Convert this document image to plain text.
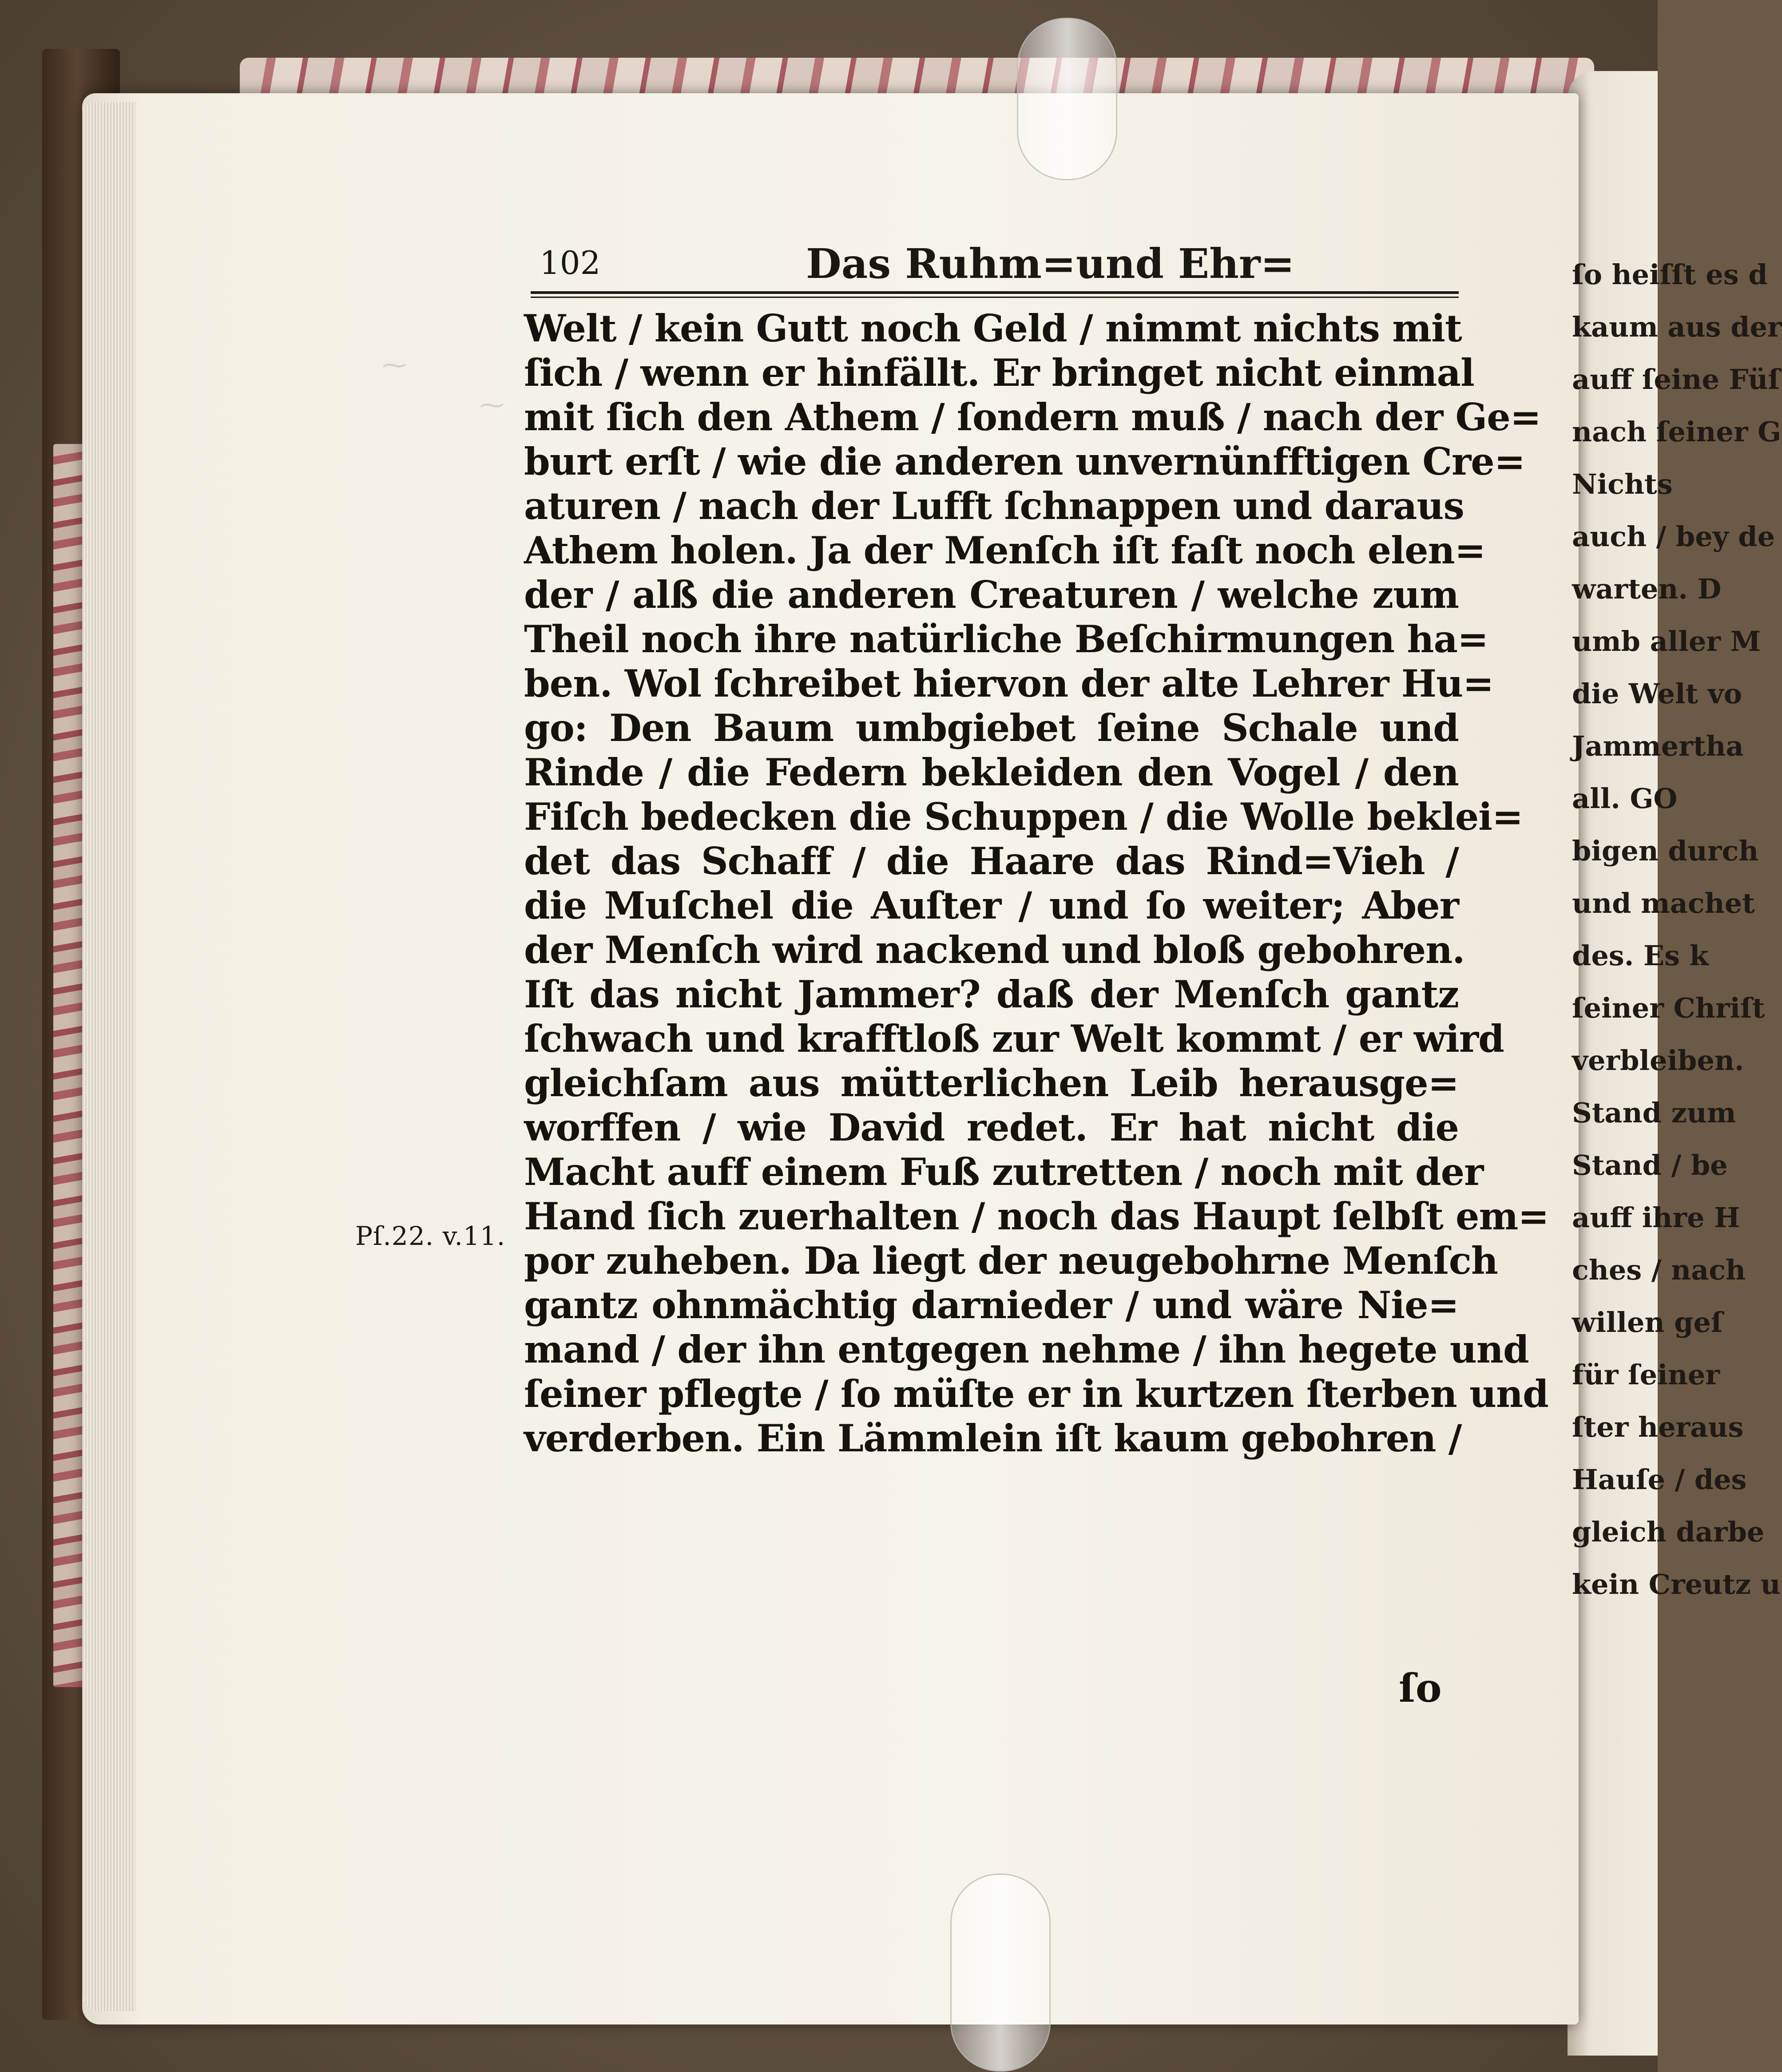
102	Das Ruhm=und Ehr=
⁓
⁓
Welt / kein Gutt noch Geld / nimmt nichts mit
ſich / wenn er hinfällt. Er bringet nicht einmal
mit ſich den Athem / ſondern muß / nach der Ge=
burt erſt / wie die anderen unvernünfftigen Cre=
aturen / nach der Lufft ſchnappen und daraus
Athem holen. Ja der Menſch iſt faſt noch elen=
der / alß die anderen Creaturen / welche zum
Theil noch ihre natürliche Beſchirmungen ha=
ben. Wol ſchreibet hiervon der alte Lehrer Hu=
go: Den Baum umbgiebet ſeine Schale und
Rinde / die Federn bekleiden den Vogel / den
Fiſch bedecken die Schuppen / die Wolle beklei=
det das Schaff / die Haare das Rind=Vieh /
die Muſchel die Auſter / und ſo weiter; Aber
der Menſch wird nackend und bloß gebohren.
Iſt das nicht Jammer? daß der Menſch gantz
ſchwach und krafftloß zur Welt kommt / er wird
gleichſam aus mütterlichen Leib herausge=
worffen / wie David redet. Er hat nicht die
Macht auff einem Fuß zutretten / noch mit der
Hand ſich zuerhalten / noch das Haupt ſelbſt em=
por zuheben. Da liegt der neugebohrne Menſch
gantz ohnmächtig darnieder / und wäre Nie=
mand / der ihn entgegen nehme / ihn hegete und
ſeiner pflegte / ſo müſte er in kurtzen ſterben und
verderben. Ein Lämmlein iſt kaum gebohren /
Pſ.22. v.11.
ſo
ſo heiſſt es d
kaum aus der
auff ſeine Füſ
nach ſeiner G
Nichts
auch / bey de
warten. D
umb aller M
die Welt vo
Jammertha
all. GO
bigen durch
und machet
des. Es k
ſeiner Chriſt
verbleiben.
Stand zum
Stand / be
auff ihre H
ches / nach
willen geſ
für ſeiner
ſter heraus
Hauſe / des
gleich darbe
kein Creutz u
